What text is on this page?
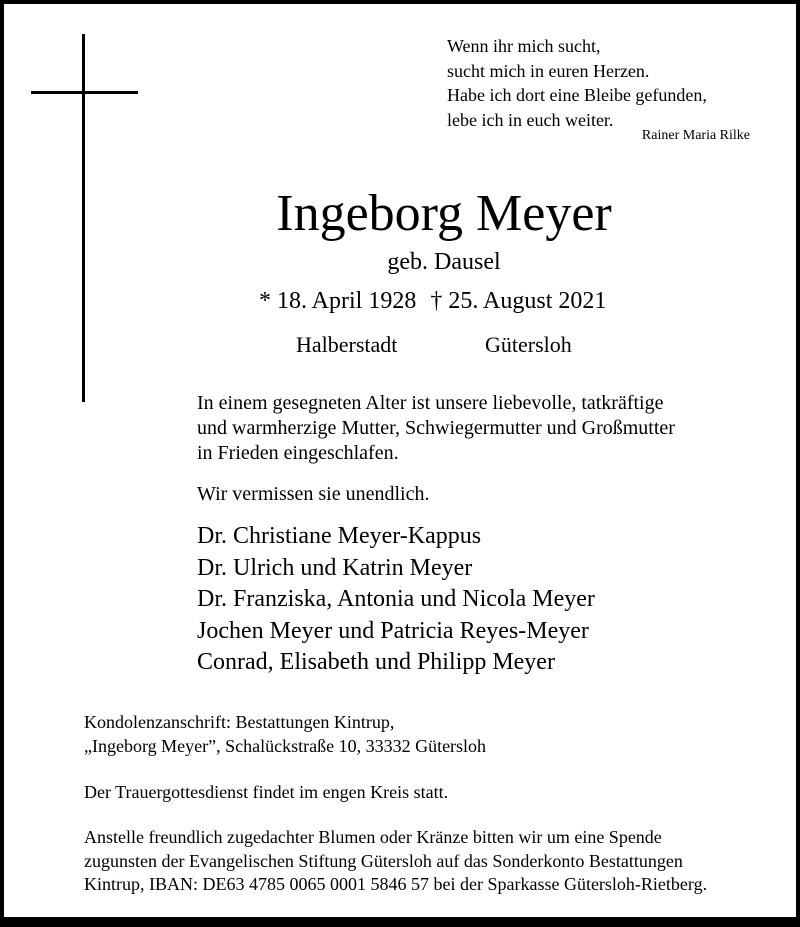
Wenn ihr mich sucht,
sucht mich in euren Herzen.
Habe ich dort eine Bleibe gefunden,
lebe ich in euch weiter.
Rainer Maria Rilke
Ingeborg Meyer
geb. Dausel
* 18. April 1928 † 25. August 2021
Halberstadt	Gütersloh
In einem gesegneten Alter ist unsere liebevolle, tatkräftige
und warmherzige Mutter, Schwiegermutter und Großmutter
in Frieden eingeschlafen.
Wir vermissen sie unendlich.
Dr. Christiane Meyer-Kappus
Dr. Ulrich und Katrin Meyer
Dr. Franziska, Antonia und Nicola Meyer
Jochen Meyer und Patricia Reyes-Meyer
Conrad, Elisabeth und Philipp Meyer
Kondolenzanschrift: Bestattungen Kintrup,
„Ingeborg Meyer”, Schalückstraße 10, 33332 Gütersloh
Der Trauergottesdienst findet im engen Kreis statt.
Anstelle freundlich zugedachter Blumen oder Kränze bitten wir um eine Spende
zugunsten der Evangelischen Stiftung Gütersloh auf das Sonderkonto Bestattungen
Kintrup, IBAN: DE63 4785 0065 0001 5846 57 bei der Sparkasse Gütersloh-Rietberg.
